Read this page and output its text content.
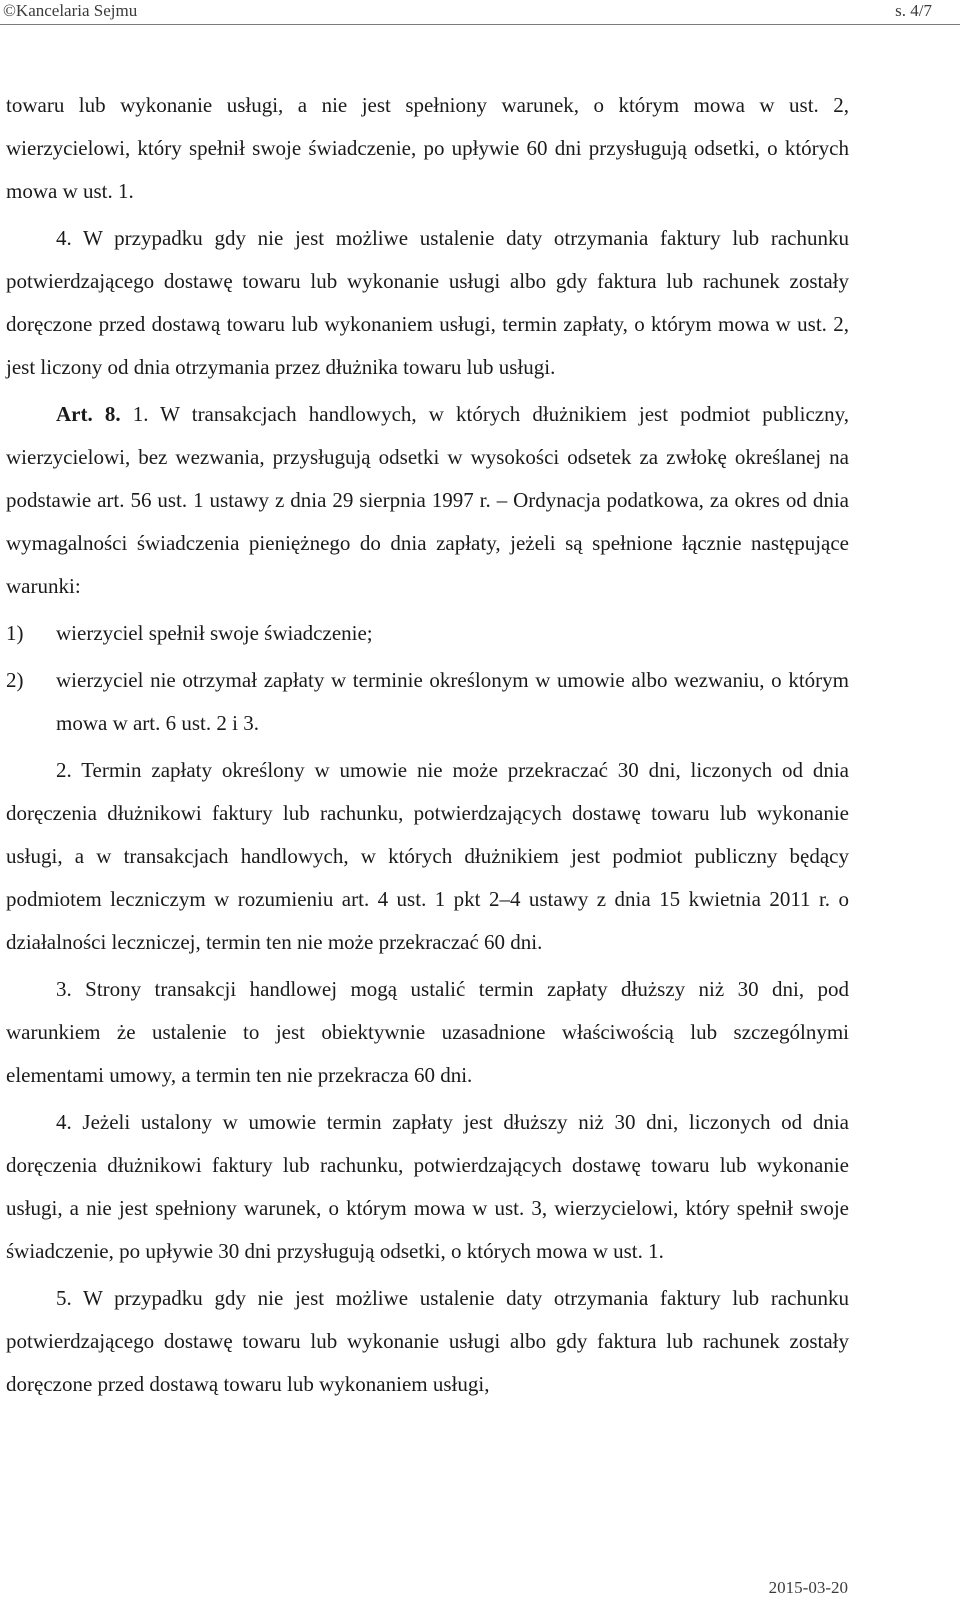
©Kancelaria Sejmu	s. 4/7

towaru lub wykonanie usługi, a nie jest spełniony warunek, o którym mowa w ust. 2, wierzycielowi, który spełnił swoje świadczenie, po upływie 60 dni przysługują odsetki, o których mowa w ust. 1.

4. W przypadku gdy nie jest możliwe ustalenie daty otrzymania faktury lub rachunku potwierdzającego dostawę towaru lub wykonanie usługi albo gdy faktura lub rachunek zostały doręczone przed dostawą towaru lub wykonaniem usługi, termin zapłaty, o którym mowa w ust. 2, jest liczony od dnia otrzymania przez dłużnika towaru lub usługi.

Art. 8. 1. W transakcjach handlowych, w których dłużnikiem jest podmiot publiczny, wierzycielowi, bez wezwania, przysługują odsetki w wysokości odsetek za zwłokę określanej na podstawie art. 56 ust. 1 ustawy z dnia 29 sierpnia 1997 r. – Ordynacja podatkowa, za okres od dnia wymagalności świadczenia pieniężnego do dnia zapłaty, jeżeli są spełnione łącznie następujące warunki:

1)	wierzyciel spełnił swoje świadczenie;
2)	wierzyciel nie otrzymał zapłaty w terminie określonym w umowie albo wezwaniu, o którym mowa w art. 6 ust. 2 i 3.

2. Termin zapłaty określony w umowie nie może przekraczać 30 dni, liczonych od dnia doręczenia dłużnikowi faktury lub rachunku, potwierdzających dostawę towaru lub wykonanie usługi, a w transakcjach handlowych, w których dłużnikiem jest podmiot publiczny będący podmiotem leczniczym w rozumieniu art. 4 ust. 1 pkt 2–4 ustawy z dnia 15 kwietnia 2011 r. o działalności leczniczej, termin ten nie może przekraczać 60 dni.

3. Strony transakcji handlowej mogą ustalić termin zapłaty dłuższy niż 30 dni, pod warunkiem że ustalenie to jest obiektywnie uzasadnione właściwością lub szczególnymi elementami umowy, a termin ten nie przekracza 60 dni.

4. Jeżeli ustalony w umowie termin zapłaty jest dłuższy niż 30 dni, liczonych od dnia doręczenia dłużnikowi faktury lub rachunku, potwierdzających dostawę towaru lub wykonanie usługi, a nie jest spełniony warunek, o którym mowa w ust. 3, wierzycielowi, który spełnił swoje świadczenie, po upływie 30 dni przysługują odsetki, o których mowa w ust. 1.

5. W przypadku gdy nie jest możliwe ustalenie daty otrzymania faktury lub rachunku potwierdzającego dostawę towaru lub wykonanie usługi albo gdy faktura lub rachunek zostały doręczone przed dostawą towaru lub wykonaniem usługi,

2015-03-20
